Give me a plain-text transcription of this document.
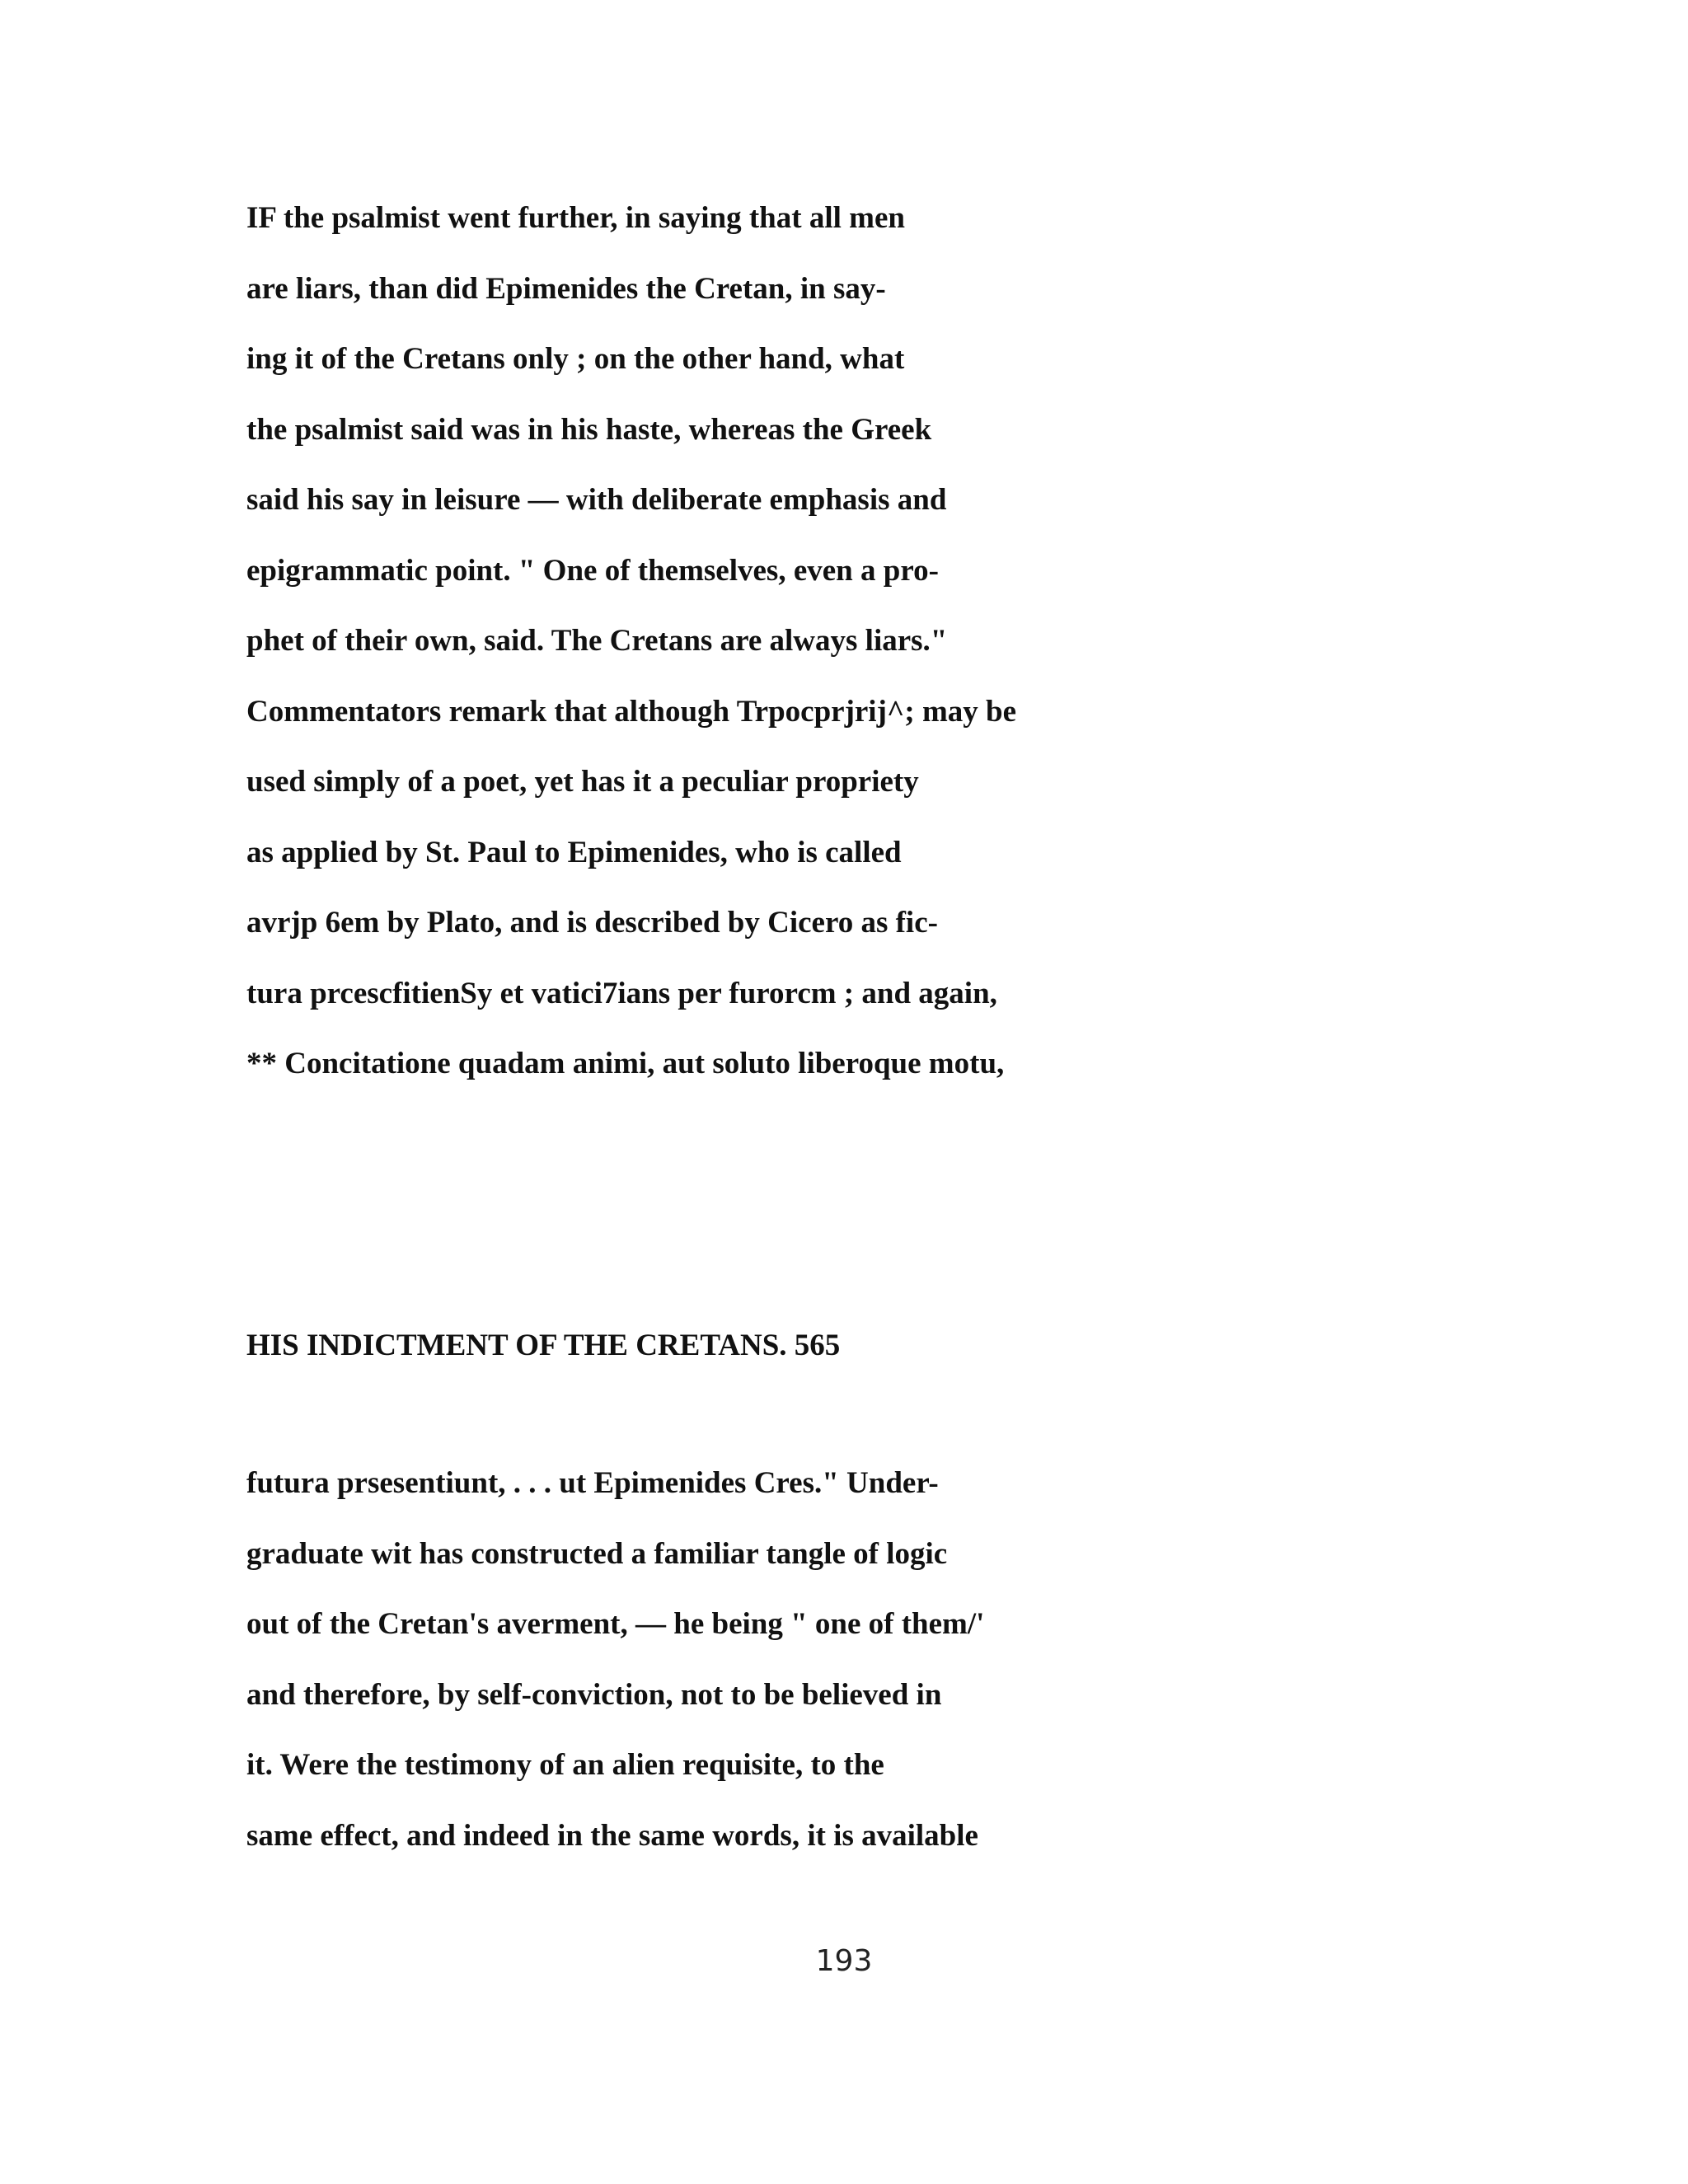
IF the psalmist went further, in saying that all men
are liars, than did Epimenides the Cretan, in say-
ing it of the Cretans only ; on the other hand, what
the psalmist said was in his haste, whereas the Greek
said his say in leisure — with deliberate emphasis and
epigrammatic point. " One of themselves, even a pro-
phet of their own, said. The Cretans are always liars."
Commentators remark that although Trpocprjrij^; may be
used simply of a poet, yet has it a peculiar propriety
as applied by St. Paul to Epimenides, who is called
avrjp 6em by Plato, and is described by Cicero as fic-
tura prcescfitienSy et vatici7ians per furorcm ; and again,
** Concitatione quadam animi, aut soluto liberoque motu,
HIS INDICTMENT OF THE CRETANS. 565
futura prsesentiunt, . . . ut Epimenides Cres." Under-
graduate wit has constructed a familiar tangle of logic
out of the Cretan's averment, — he being " one of them/'
and therefore, by self-conviction, not to be believed in
it. Were the testimony of an alien requisite, to the
same effect, and indeed in the same words, it is available
193
